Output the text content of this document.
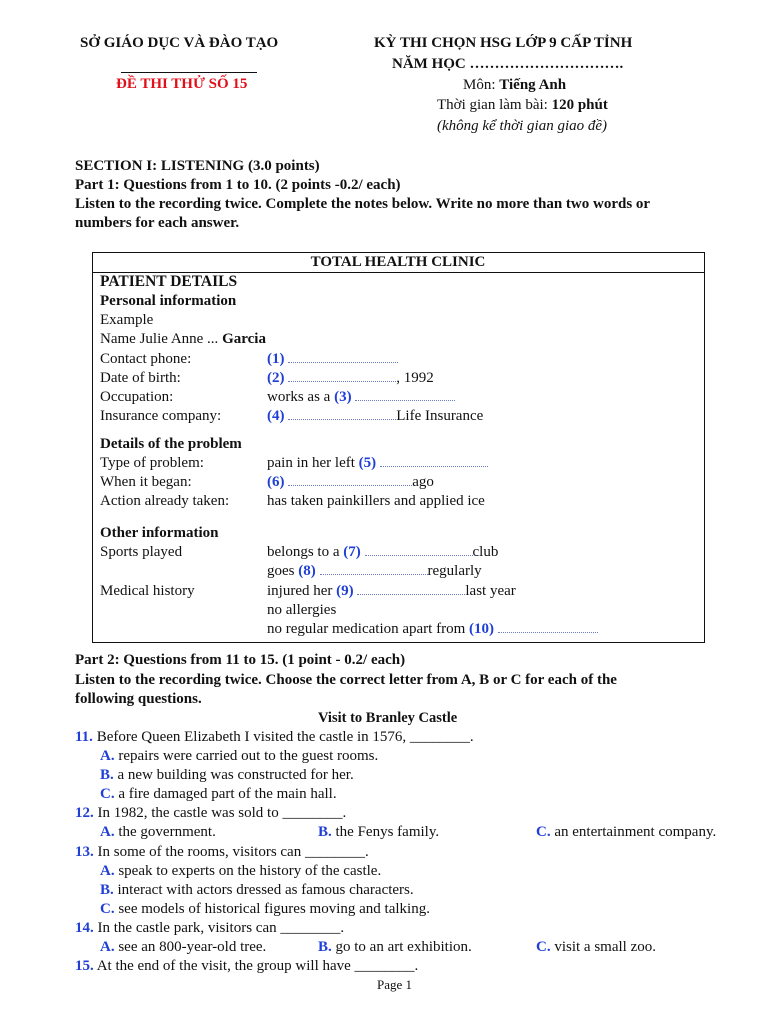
SỞ GIÁO DỤC VÀ ĐÀO TẠO
ĐỀ THI THỬ SỐ 15
KỲ THI CHỌN HSG LỚP 9 CẤP TỈNH
NĂM HỌC ………………………….
Môn: Tiếng Anh
Thời gian làm bài: 120 phút
(không kể thời gian giao đề)
SECTION I: LISTENING (3.0 points)
Part 1: Questions from 1 to 10. (2 points -0.2/ each)
Listen to the recording twice. Complete the notes below. Write no more than two words or
numbers for each answer.
TOTAL HEALTH CLINIC
PATIENT DETAILS
Personal information
Example
Name Julie Anne ... Garcia
Contact phone:	(1)
Date of birth:	(2)	, 1992
Occupation:	works as a (3)
Insurance company:	(4)	Life Insurance
Details of the problem
Type of problem:	pain in her left (5)
When it began:	(6)	ago
Action already taken:	has taken painkillers and applied ice
Other information
Sports played	belongs to a (7)	club
goes (8)	regularly
Medical history	injured her (9)	last year
no allergies
no regular medication apart from (10)
Part 2: Questions from 11 to 15. (1 point - 0.2/ each)
Listen to the recording twice. Choose the correct letter from A, B or C for each of the
following questions.
Visit to Branley Castle
11. Before Queen Elizabeth I visited the castle in 1576, ________.
A. repairs were carried out to the guest rooms.
B. a new building was constructed for her.
C. a fire damaged part of the main hall.
12. In 1982, the castle was sold to ________.
A. the government.	B. the Fenys family.	C. an entertainment company.
13. In some of the rooms, visitors can ________.
A. speak to experts on the history of the castle.
B. interact with actors dressed as famous characters.
C. see models of historical figures moving and talking.
14. In the castle park, visitors can ________.
A. see an 800-year-old tree.	B. go to an art exhibition.	C. visit a small zoo.
15. At the end of the visit, the group will have ________.
Page 1
